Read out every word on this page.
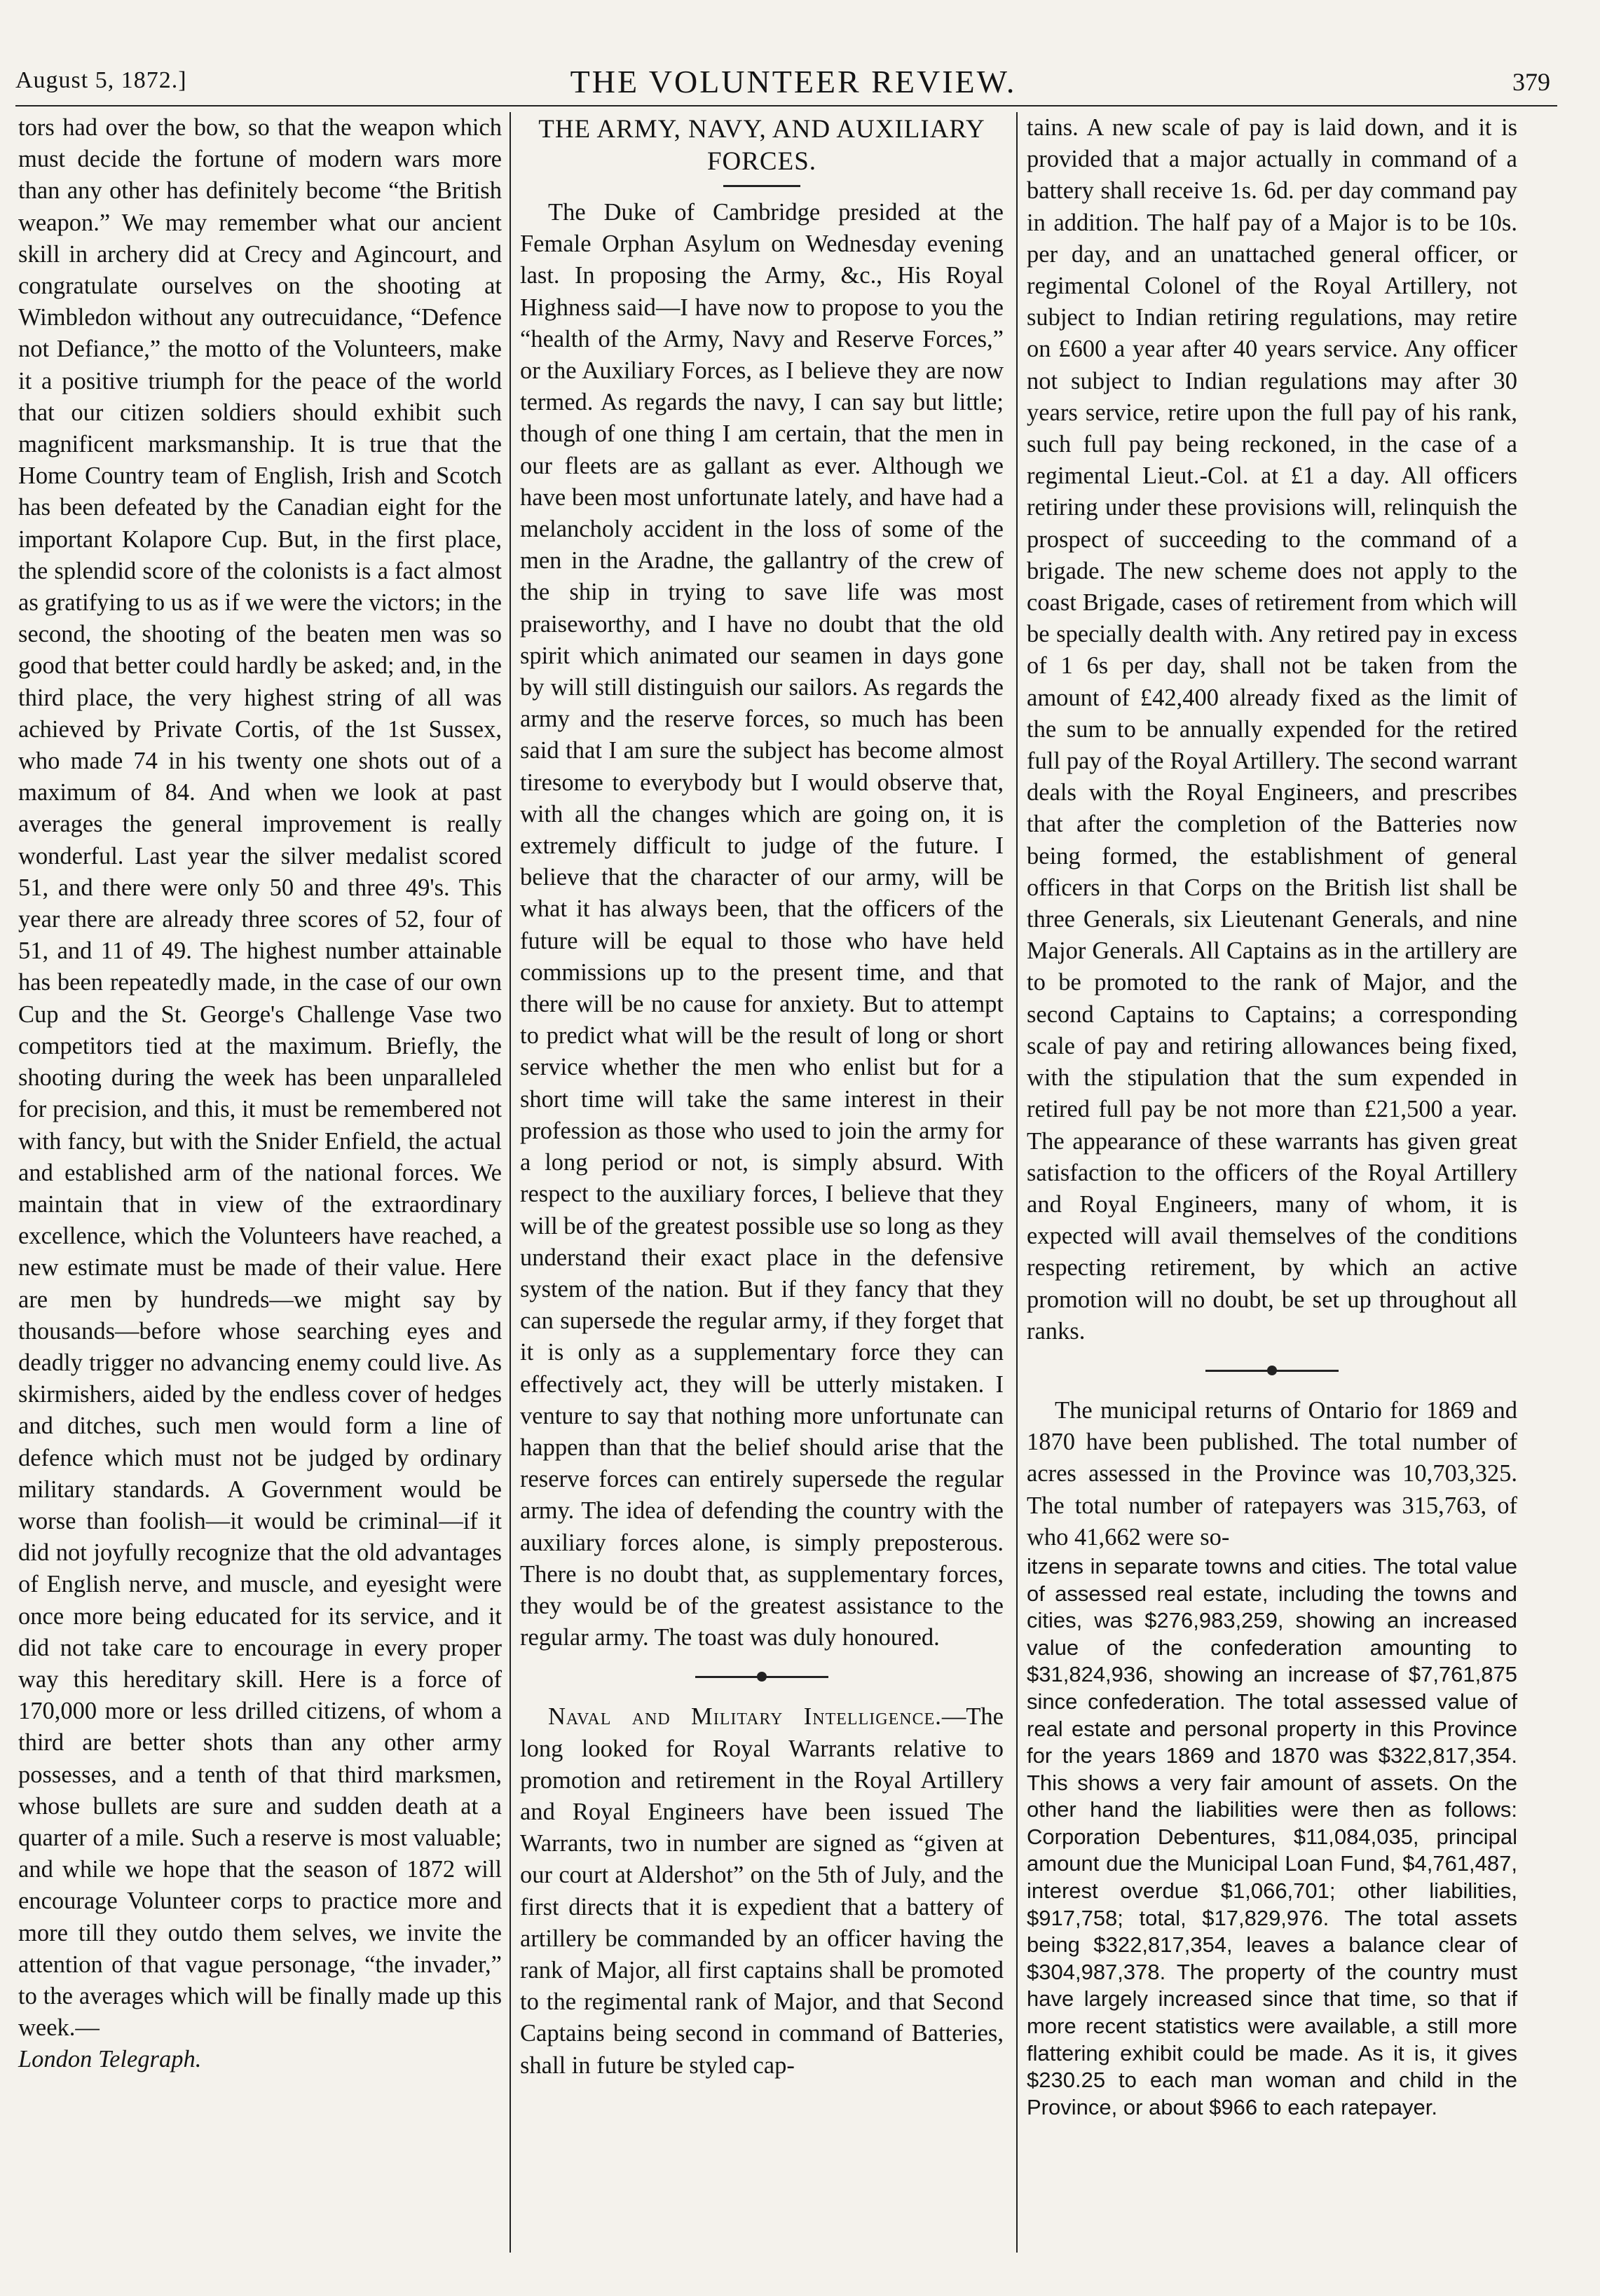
August 5, 1872.]	THE VOLUNTEER REVIEW.	379

tors had over the bow, so that the weapon which must decide the fortune of modern wars more than any other has definitely become “the British weapon.” We may remember what our ancient skill in archery did at Crecy and Agincourt, and congratulate ourselves on the shooting at Wimbledon without any outrecuidance, “Defence not Defiance,” the motto of the Volunteers, make it a positive triumph for the peace of the world that our citizen soldiers should exhibit such magnificent marksmanship. It is true that the Home Country team of English, Irish and Scotch has been defeated by the Canadian eight for the important Kolapore Cup. But, in the first place, the splendid score of the colonists is a fact almost as gratifying to us as if we were the victors; in the second, the shooting of the beaten men was so good that better could hardly be asked; and, in the third place, the very highest string of all was achieved by Private Cortis, of the 1st Sussex, who made 74 in his twenty one shots out of a maximum of 84. And when we look at past averages the general improvement is really wonderful. Last year the silver medalist scored 51, and there were only 50 and three 49's. This year there are already three scores of 52, four of 51, and 11 of 49. The highest number attainable has been repeatedly made, in the case of our own Cup and the St. George's Challenge Vase two competitors tied at the maximum. Briefly, the shooting during the week has been unparalleled for precision, and this, it must be remembered not with fancy, but with the Snider Enfield, the actual and established arm of the national forces. We maintain that in view of the extraordinary excellence, which the Volunteers have reached, a new estimate must be made of their value. Here are men by hundreds—we might say by thousands—before whose searching eyes and deadly trigger no advancing enemy could live. As skirmishers, aided by the endless cover of hedges and ditches, such men would form a line of defence which must not be judged by ordinary military standards. A Government would be worse than foolish—it would be criminal—if it did not joyfully recognize that the old advantages of English nerve, and muscle, and eyesight were once more being educated for its service, and it did not take care to encourage in every proper way this hereditary skill. Here is a force of 170,000 more or less drilled citizens, of whom a third are better shots than any other army possesses, and a tenth of that third marksmen, whose bullets are sure and sudden death at a quarter of a mile. Such a reserve is most valuable; and while we hope that the season of 1872 will encourage Volunteer corps to practice more and more till they outdo them selves, we invite the attention of that vague personage, “the invader,” to the averages which will be finally made up this week.—

London Telegraph.

THE ARMY, NAVY, AND AUXILIARY FORCES.

The Duke of Cambridge presided at the Female Orphan Asylum on Wednesday evening last. In proposing the Army, &c., His Royal Highness said—I have now to propose to you the “health of the Army, Navy and Reserve Forces,” or the Auxiliary Forces, as I believe they are now termed. As regards the navy, I can say but little; though of one thing I am certain, that the men in our fleets are as gallant as ever. Although we have been most unfortunate lately, and have had a melancholy accident in the loss of some of the men in the Aradne, the gallantry of the crew of the ship in trying to save life was most praiseworthy, and I have no doubt that the old spirit which animated our seamen in days gone by will still distinguish our sailors. As regards the army and the reserve forces, so much has been said that I am sure the subject has become almost tiresome to everybody but I would observe that, with all the changes which are going on, it is extremely difficult to judge of the future. I believe that the character of our army, will be what it has always been, that the officers of the future will be equal to those who have held commissions up to the present time, and that there will be no cause for anxiety. But to attempt to predict what will be the result of long or short service whether the men who enlist but for a short time will take the same interest in their profession as those who used to join the army for a long period or not, is simply absurd. With respect to the auxiliary forces, I believe that they will be of the greatest possible use so long as they understand their exact place in the defensive system of the nation. But if they fancy that they can supersede the regular army, if they forget that it is only as a supplementary force they can effectively act, they will be utterly mistaken. I venture to say that nothing more unfortunate can happen than that the belief should arise that the reserve forces can entirely supersede the regular army. The idea of defending the country with the auxiliary forces alone, is simply preposterous. There is no doubt that, as supplementary forces, they would be of the greatest assistance to the regular army. The toast was duly honoured.

Naval and Military Intelligence.—The long looked for Royal Warrants relative to promotion and retirement in the Royal Artillery and Royal Engineers have been issued The Warrants, two in number are signed as “given at our court at Aldershot” on the 5th of July, and the first directs that it is expedient that a battery of artillery be commanded by an officer having the rank of Major, all first captains shall be promoted to the regimental rank of Major, and that Second Captains being second in command of Batteries, shall in future be styled cap-

tains. A new scale of pay is laid down, and it is provided that a major actually in command of a battery shall receive 1s. 6d. per day command pay in addition. The half pay of a Major is to be 10s. per day, and an unattached general officer, or regimental Colonel of the Royal Artillery, not subject to Indian retiring regulations, may retire on £600 a year after 40 years service. Any officer not subject to Indian regulations may after 30 years service, retire upon the full pay of his rank, such full pay being reckoned, in the case of a regimental Lieut.-Col. at £1 a day. All officers retiring under these provisions will, relinquish the prospect of succeeding to the command of a brigade. The new scheme does not apply to the coast Brigade, cases of retirement from which will be specially dealth with. Any retired pay in excess of 1 6s per day, shall not be taken from the amount of £42,400 already fixed as the limit of the sum to be annually expended for the retired full pay of the Royal Artillery. The second warrant deals with the Royal Engineers, and prescribes that after the completion of the Batteries now being formed, the establishment of general officers in that Corps on the British list shall be three Generals, six Lieutenant Generals, and nine Major Generals. All Captains as in the artillery are to be promoted to the rank of Major, and the second Captains to Captains; a corresponding scale of pay and retiring allowances being fixed, with the stipulation that the sum expended in retired full pay be not more than £21,500 a year. The appearance of these warrants has given great satisfaction to the officers of the Royal Artillery and Royal Engineers, many of whom, it is expected will avail themselves of the conditions respecting retirement, by which an active promotion will no doubt, be set up throughout all ranks.

The municipal returns of Ontario for 1869 and 1870 have been published. The total number of acres assessed in the Province was 10,703,325. The total number of ratepayers was 315,763, of who 41,662 were so-

itzens in separate towns and cities. The total value of assessed real estate, including the towns and cities, was $276,983,259, showing an increased value of the confederation amounting to $31,824,936, showing an increase of $7,761,875 since confederation. The total assessed value of real estate and personal property in this Province for the years 1869 and 1870 was $322,817,354. This shows a very fair amount of assets. On the other hand the liabilities were then as follows: Corporation Debentures, $11,084,035, principal amount due the Municipal Loan Fund, $4,761,487, interest overdue $1,066,701; other liabilities, $917,758; total, $17,829,976. The total assets being $322,817,354, leaves a balance clear of $304,987,378. The property of the country must have largely increased since that time, so that if more recent statistics were available, a still more flattering exhibit could be made. As it is, it gives $230.25 to each man woman and child in the Province, or about $966 to each ratepayer.
